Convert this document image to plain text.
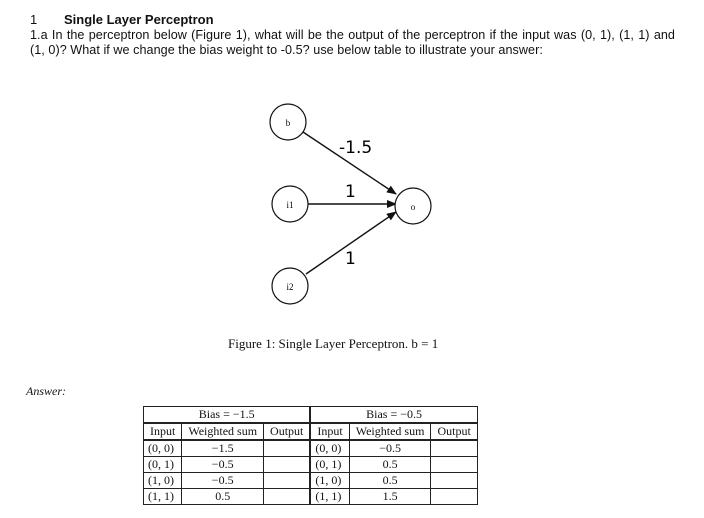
1 Single Layer Perceptron
1.a In the perceptron below (Figure 1), what will be the output of the perceptron if the input was (0, 1), (1, 1) and (1, 0)? What if we change the bias weight to -0.5? use below table to illustrate your answer:
b
i1
i2
o
-1.5
1
1
Figure 1: Single Layer Perceptron. b = 1
Answer:
Bias = −1.5			Bias = −0.5		
Input	Weighted sum	Output	Input	Weighted sum	Output
(0, 0)	−1.5		(0, 0)	−0.5	
(0, 1)	−0.5		(0, 1)	0.5	
(1, 0)	−0.5		(1, 0)	0.5	
(1, 1)	0.5		(1, 1)	1.5	
